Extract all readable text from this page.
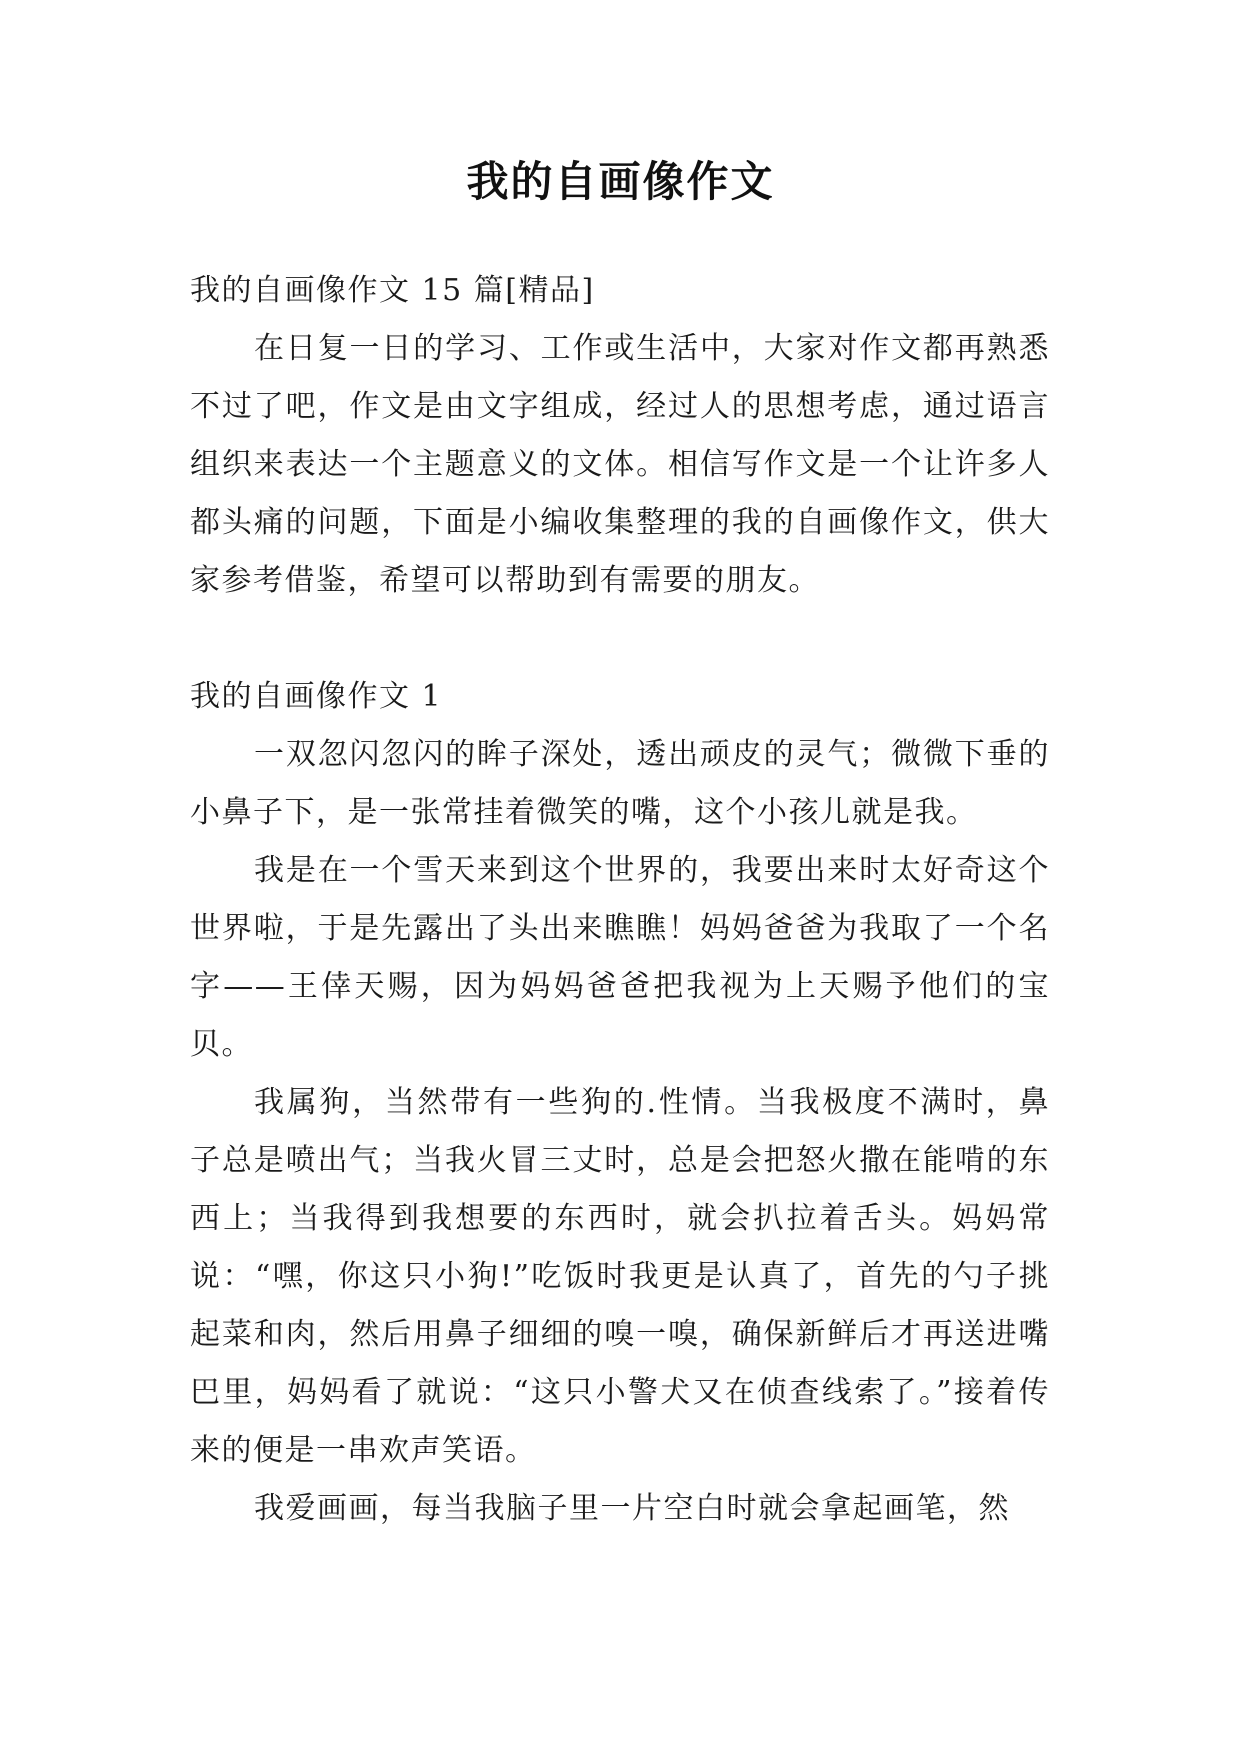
我的自画像作文

我的自画像作文 15 篇[精品]

在日复一日的学习、工作或生活中，大家对作文都再熟悉不过了吧，作文是由文字组成，经过人的思想考虑，通过语言组织来表达一个主题意义的文体。相信写作文是一个让许多人都头痛的问题，下面是小编收集整理的我的自画像作文，供大家参考借鉴，希望可以帮助到有需要的朋友。

我的自画像作文 1

一双忽闪忽闪的眸子深处，透出顽皮的灵气；微微下垂的小鼻子下，是一张常挂着微笑的嘴，这个小孩儿就是我。

我是在一个雪天来到这个世界的，我要出来时太好奇这个世界啦，于是先露出了头出来瞧瞧！妈妈爸爸为我取了一个名字——王倖天赐，因为妈妈爸爸把我视为上天赐予他们的宝贝。

我属狗，当然带有一些狗的.性情。当我极度不满时，鼻子总是喷出气；当我火冒三丈时，总是会把怒火撒在能啃的东西上；当我得到我想要的东西时，就会扒拉着舌头。妈妈常说：“嘿，你这只小狗!”吃饭时我更是认真了，首先的勺子挑起菜和肉，然后用鼻子细细的嗅一嗅，确保新鲜后才再送进嘴巴里，妈妈看了就说：“这只小警犬又在侦查线索了。”接着传来的便是一串欢声笑语。

我爱画画，每当我脑子里一片空白时就会拿起画笔，然
